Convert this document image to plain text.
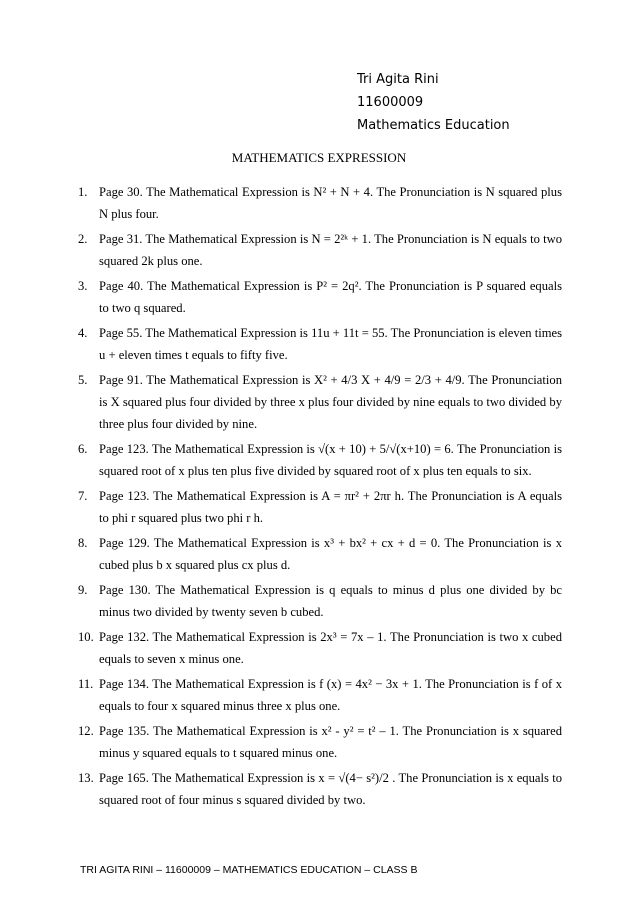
Tri Agita Rini
11600009
Mathematics Education
MATHEMATICS EXPRESSION
1. Page 30. The Mathematical Expression is N² + N + 4. The Pronunciation is N squared plus N plus four.
2. Page 31. The Mathematical Expression is N = 2²ᵏ + 1. The Pronunciation is N equals to two squared 2k plus one.
3. Page 40. The Mathematical Expression is P² = 2q². The Pronunciation is P squared equals to two q squared.
4. Page 55. The Mathematical Expression is 11u + 11t = 55. The Pronunciation is eleven times u + eleven times t equals to fifty five.
5. Page 91. The Mathematical Expression is X² + 4/3 X + 4/9 = 2/3 + 4/9. The Pronunciation is X squared plus four divided by three x plus four divided by nine equals to two divided by three plus four divided by nine.
6. Page 123. The Mathematical Expression is √(x + 10) + 5/√(x+10) = 6. The Pronunciation is squared root of x plus ten plus five divided by squared root of x plus ten equals to six.
7. Page 123. The Mathematical Expression is A = πr² + 2πr h. The Pronunciation is A equals to phi r squared plus two phi r h.
8. Page 129. The Mathematical Expression is x³ + bx² + cx + d = 0. The Pronunciation is x cubed plus b x squared plus cx plus d.
9. Page 130. The Mathematical Expression is q equals to minus d plus one divided by bc minus two divided by twenty seven b cubed.
10. Page 132. The Mathematical Expression is 2x³ = 7x – 1. The Pronunciation is two x cubed equals to seven x minus one.
11. Page 134. The Mathematical Expression is f (x) = 4x² − 3x + 1. The Pronunciation is f of x equals to four x squared minus three x plus one.
12. Page 135. The Mathematical Expression is x² - y² = t² – 1. The Pronunciation is x squared minus y squared equals to t squared minus one.
13. Page 165. The Mathematical Expression is x = √(4− s²)/2 . The Pronunciation is x equals to squared root of four minus s squared divided by two.
TRI AGITA RINI – 11600009 – MATHEMATICS EDUCATION – CLASS B
